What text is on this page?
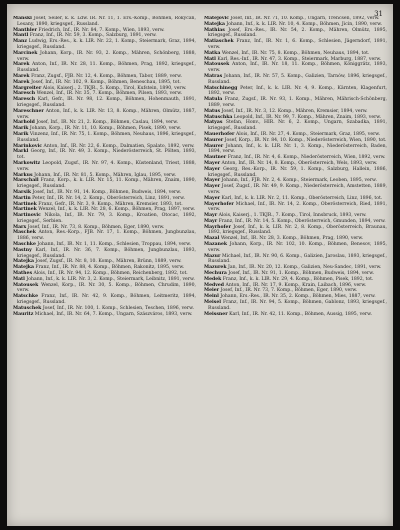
31

Manski Josef, Seiler, k. k. Ldw. IR. Nr. 11, 1. Ers.-Komp., Böhmen, Rokycan, Lesany, 1890, kriegsgef., Russland.

Manthler Friedrich, Inf., IR. Nr. 84, 7. Komp., Wien, 1893, verw.

Mantl Franz, Inf., IR. Nr. 59, 3. Komp., Salzburg, 1891, verw.

Manz Ludwig, Ers.-Res., k. k. LIR. Nr. 22, 1. Komp., Steiermark, Graz, 1894, kriegsgef., Russland.

Marcinek Johann, Korp., IR. Nr. 93, 2. Komp., Mähren, Schönberg, 1888, verw.

Marek Anton, Inf., IR. Nr. 28, 11. Komp., Böhmen, Prag, 1892, kriegsgef., Russland.

Marek Franz, Zugsf., FJB. Nr. 12, 4. Komp., Böhmen, Tabor, 1889, verw.

Marek Josef, Inf., IR. Nr. 102, 9. Komp., Böhmen, Beneschau, 1895, tot.

Margreiter Alois, Kaiserj., 2. TKJR., 5. Komp., Tirol, Kufstein, 1890, verw.

Maresch Wenzel, Inf., IR. Nr. 35, 7. Komp., Böhmen, Pilsen, 1893, verw.

Maresch Karl, Gefr., IR. Nr. 98, 12. Komp., Böhmen, Hohenmauth, 1891, kriegsgef., Russland.

Mareschner Anton, Inf., k. k. LIR. Nr. 13, 8. Komp., Mähren, Olmütz, 1887, verw.

Marhold Josef, Inf., IR. Nr. 21, 2. Komp., Böhmen, Caslau, 1894, verw.

Marik Johann, Korp., IR. Nr. 11, 10. Komp., Böhmen, Pisek, 1890, verw.

Marik Vinzenz, Inf., IR. Nr. 75, 1. Komp., Böhmen, Neuhaus, 1896, kriegsgef., Russland.

Marinkovic Anton, Inf., IR. Nr. 22, 6. Komp., Dalmatien, Spalato, 1892, verw.

Markl Georg, Inf., IR. Nr. 49, 3. Komp., Niederösterreich, St. Pölten, 1893, tot.

Markowitz Leopold, Zugsf., IR. Nr. 97, 4. Komp., Küstenland, Triest, 1888, verw.

Markus Johann, Inf., IR. Nr. 81, 5. Komp., Mähren, Iglau, 1895, verw.

Marschall Franz, Korp., k. k. LIR. Nr. 15, 11. Komp., Mähren, Znaim, 1890, kriegsgef., Russland.

Marsik Josef, Inf., IR. Nr. 91, 14. Komp., Böhmen, Budweis, 1894, verw.

Martin Peter, Inf., IR. Nr. 14, 2. Komp., Oberösterreich, Linz, 1891, verw.

Martinek Franz, Gefr., IR. Nr. 3, 9. Komp., Mähren, Kremsier, 1893, tot.

Martinek Wenzel, Inf., k. k. LIR. Nr. 28, 6. Komp., Böhmen, Prag, 1897, verw.

Martinovic Nikola, Inf., IR. Nr. 79, 3. Komp., Kroatien, Otocac, 1892, kriegsgef., Serbien.

Marx Josef, Inf., IR. Nr. 73, 8. Komp., Böhmen, Eger, 1890, verw.

Maschek Anton, Res.-Korp., FJB. Nr. 17, 1. Komp., Böhmen, Jungbunzlau, 1886, verw.

Maschke Johann, Inf., IR. Nr. 1, 11. Komp., Schlesien, Troppau, 1894, verw.

Mastny Karl, Inf., IR. Nr. 36, 7. Komp., Böhmen, Jungbunzlau, 1893, kriegsgef., Russland.

Matejka Josef, Zugsf., IR. Nr. 8, 10. Komp., Mähren, Brünn, 1889, verw.

Matejka Franz, Inf., IR. Nr. 88, 4. Komp., Böhmen, Rakonitz, 1895, verw.

Mathes Alois, Inf., IR. Nr. 94, 12. Komp., Böhmen, Reichenberg, 1892, tot.

Matl Johann, Inf., k. k. LIR. Nr. 3, 2. Komp., Steiermark, Leibnitz, 1891, verw.

Matousek Wenzel, Korp., IR. Nr. 30, 5. Komp., Böhmen, Chrudim, 1890, verw.

Matschke Franz, Inf., IR. Nr. 42, 9. Komp., Böhmen, Leitmeritz, 1894, kriegsgef., Russland.

Matuschek Josef, Inf., IR. Nr. 100, 1. Komp., Schlesien, Teschen, 1896, verw.

Mauritz Michael, Inf., IR. Nr. 64, 7. Komp., Ungarn, Szászváros, 1893, verw.

Matejovic Josef, Inf., IR. Nr. 71, 10. Komp., Ungarn, Trencsén, 1892, verw.

Matejka Johann, Inf., k. k. LIR. Nr. 10, 4. Komp., Böhmen, Jicin, 1890, verw.

Mathias Josef, Ers.-Res., IR. Nr. 54, 2. Komp., Mähren, Olmütz, 1895, kriegsgef., Russland.

Matiaschek Franz, Inf., IR. Nr. 1, 6. Komp., Schlesien, Jägerndorf, 1891, verw.

Matka Wenzel, Inf., IR. Nr. 75, 8. Komp., Böhmen, Neuhaus, 1894, tot.

Matl Karl, Res.-Inf., IR. Nr. 47, 3. Komp., Steiermark, Marburg, 1887, verw.

Matousek Anton, Inf., IR. Nr. 18, 11. Komp., Böhmen, Königgrätz, 1893, verw.

Matras Johann, Inf., IR. Nr. 57, 5. Komp., Galizien, Tarnów, 1896, kriegsgef., Russland.

Matschinegg Peter, Inf., k. k. LIR. Nr. 4, 9. Komp., Kärnten, Klagenfurt, 1892, verw.

Matula Franz, Zugsf., IR. Nr. 93, 1. Komp., Mähren, Mährisch-Schönberg, 1889, verw.

Matus Josef, Inf., IR. Nr. 3, 12. Komp., Mähren, Kremsier, 1894, verw.

Matuschka Leopold, Inf., IR. Nr. 99, 7. Komp., Mähren, Znaim, 1893, verw.

Matyas Stefan, Honv., HIR. Nr. 6, 2. Komp., Ungarn, Szabadka, 1891, kriegsgef., Russland.

Mauerhofer Alois, Inf., IR. Nr. 27, 4. Komp., Steiermark, Graz, 1895, verw.

Maurer Josef, Korp., IR. Nr. 84, 10. Komp., Niederösterreich, Wien, 1890, tot.

Maurer Johann, Inf., k. k. LIR. Nr. 1, 3. Komp., Niederösterreich, Baden, 1894, verw.

Mautner Franz, Inf., IR. Nr. 4, 6. Komp., Niederösterreich, Wien, 1892, verw.

Mayer Anton, Inf., IR. Nr. 14, 8. Komp., Oberösterreich, Wels, 1893, verw.

Mayer Georg, Res.-Korp., IR. Nr. 59, 1. Komp., Salzburg, Hallein, 1886, kriegsgef., Russland.

Mayer Johann, Inf., FJB. Nr. 2, 4. Komp., Steiermark, Leoben, 1895, verw.

Mayer Josef, Zugsf., IR. Nr. 49, 9. Komp., Niederösterreich, Amstetten, 1889, verw.

Mayer Karl, Inf., k. k. LIR. Nr. 2, 11. Komp., Oberösterreich, Linz, 1896, tot.

Mayerhofer Michael, Inf., IR. Nr. 14, 2. Komp., Oberösterreich, Ried, 1891, verw.

Mayr Alois, Kaiserj., 1. TKJR., 7. Komp., Tirol, Innsbruck, 1893, verw.

Mayr Franz, Inf., IR. Nr. 14, 5. Komp., Oberösterreich, Gmunden, 1894, verw.

Mayrhofer Josef, Inf., k. k. LIR. Nr. 2, 8. Komp., Oberösterreich, Braunau, 1892, kriegsgef., Russland.

Mazal Wenzel, Inf., IR. Nr. 28, 3. Komp., Böhmen, Prag, 1890, verw.

Mazanek Johann, Korp., IR. Nr. 102, 10. Komp., Böhmen, Benesov, 1895, verw.

Mazur Michael, Inf., IR. Nr. 90, 6. Komp., Galizien, Jaroslau, 1893, kriegsgef., Russland.

Mazurek Jan, Inf., IR. Nr. 20, 12. Komp., Galizien, Neu-Sandec, 1891, verw.

Mechura Josef, Inf., IR. Nr. 91, 1. Komp., Böhmen, Budweis, 1894, verw.

Medek Franz, Inf., k. k. LIR. Nr. 29, 4. Komp., Böhmen, Pisek, 1892, tot.

Medved Anton, Inf., IR. Nr. 17, 9. Komp., Krain, Laibach, 1896, verw.

Meier Josef, Inf., IR. Nr. 73, 7. Komp., Böhmen, Eger, 1890, verw.

Meinl Johann, Ers.-Res., IR. Nr. 35, 2. Komp., Böhmen, Mies, 1887, verw.

Meisel Franz, Inf., IR. Nr. 94, 5. Komp., Böhmen, Gablonz, 1893, kriegsgef., Russland.

Meissner Karl, Inf., IR. Nr. 42, 11. Komp., Böhmen, Aussig, 1895, verw.
